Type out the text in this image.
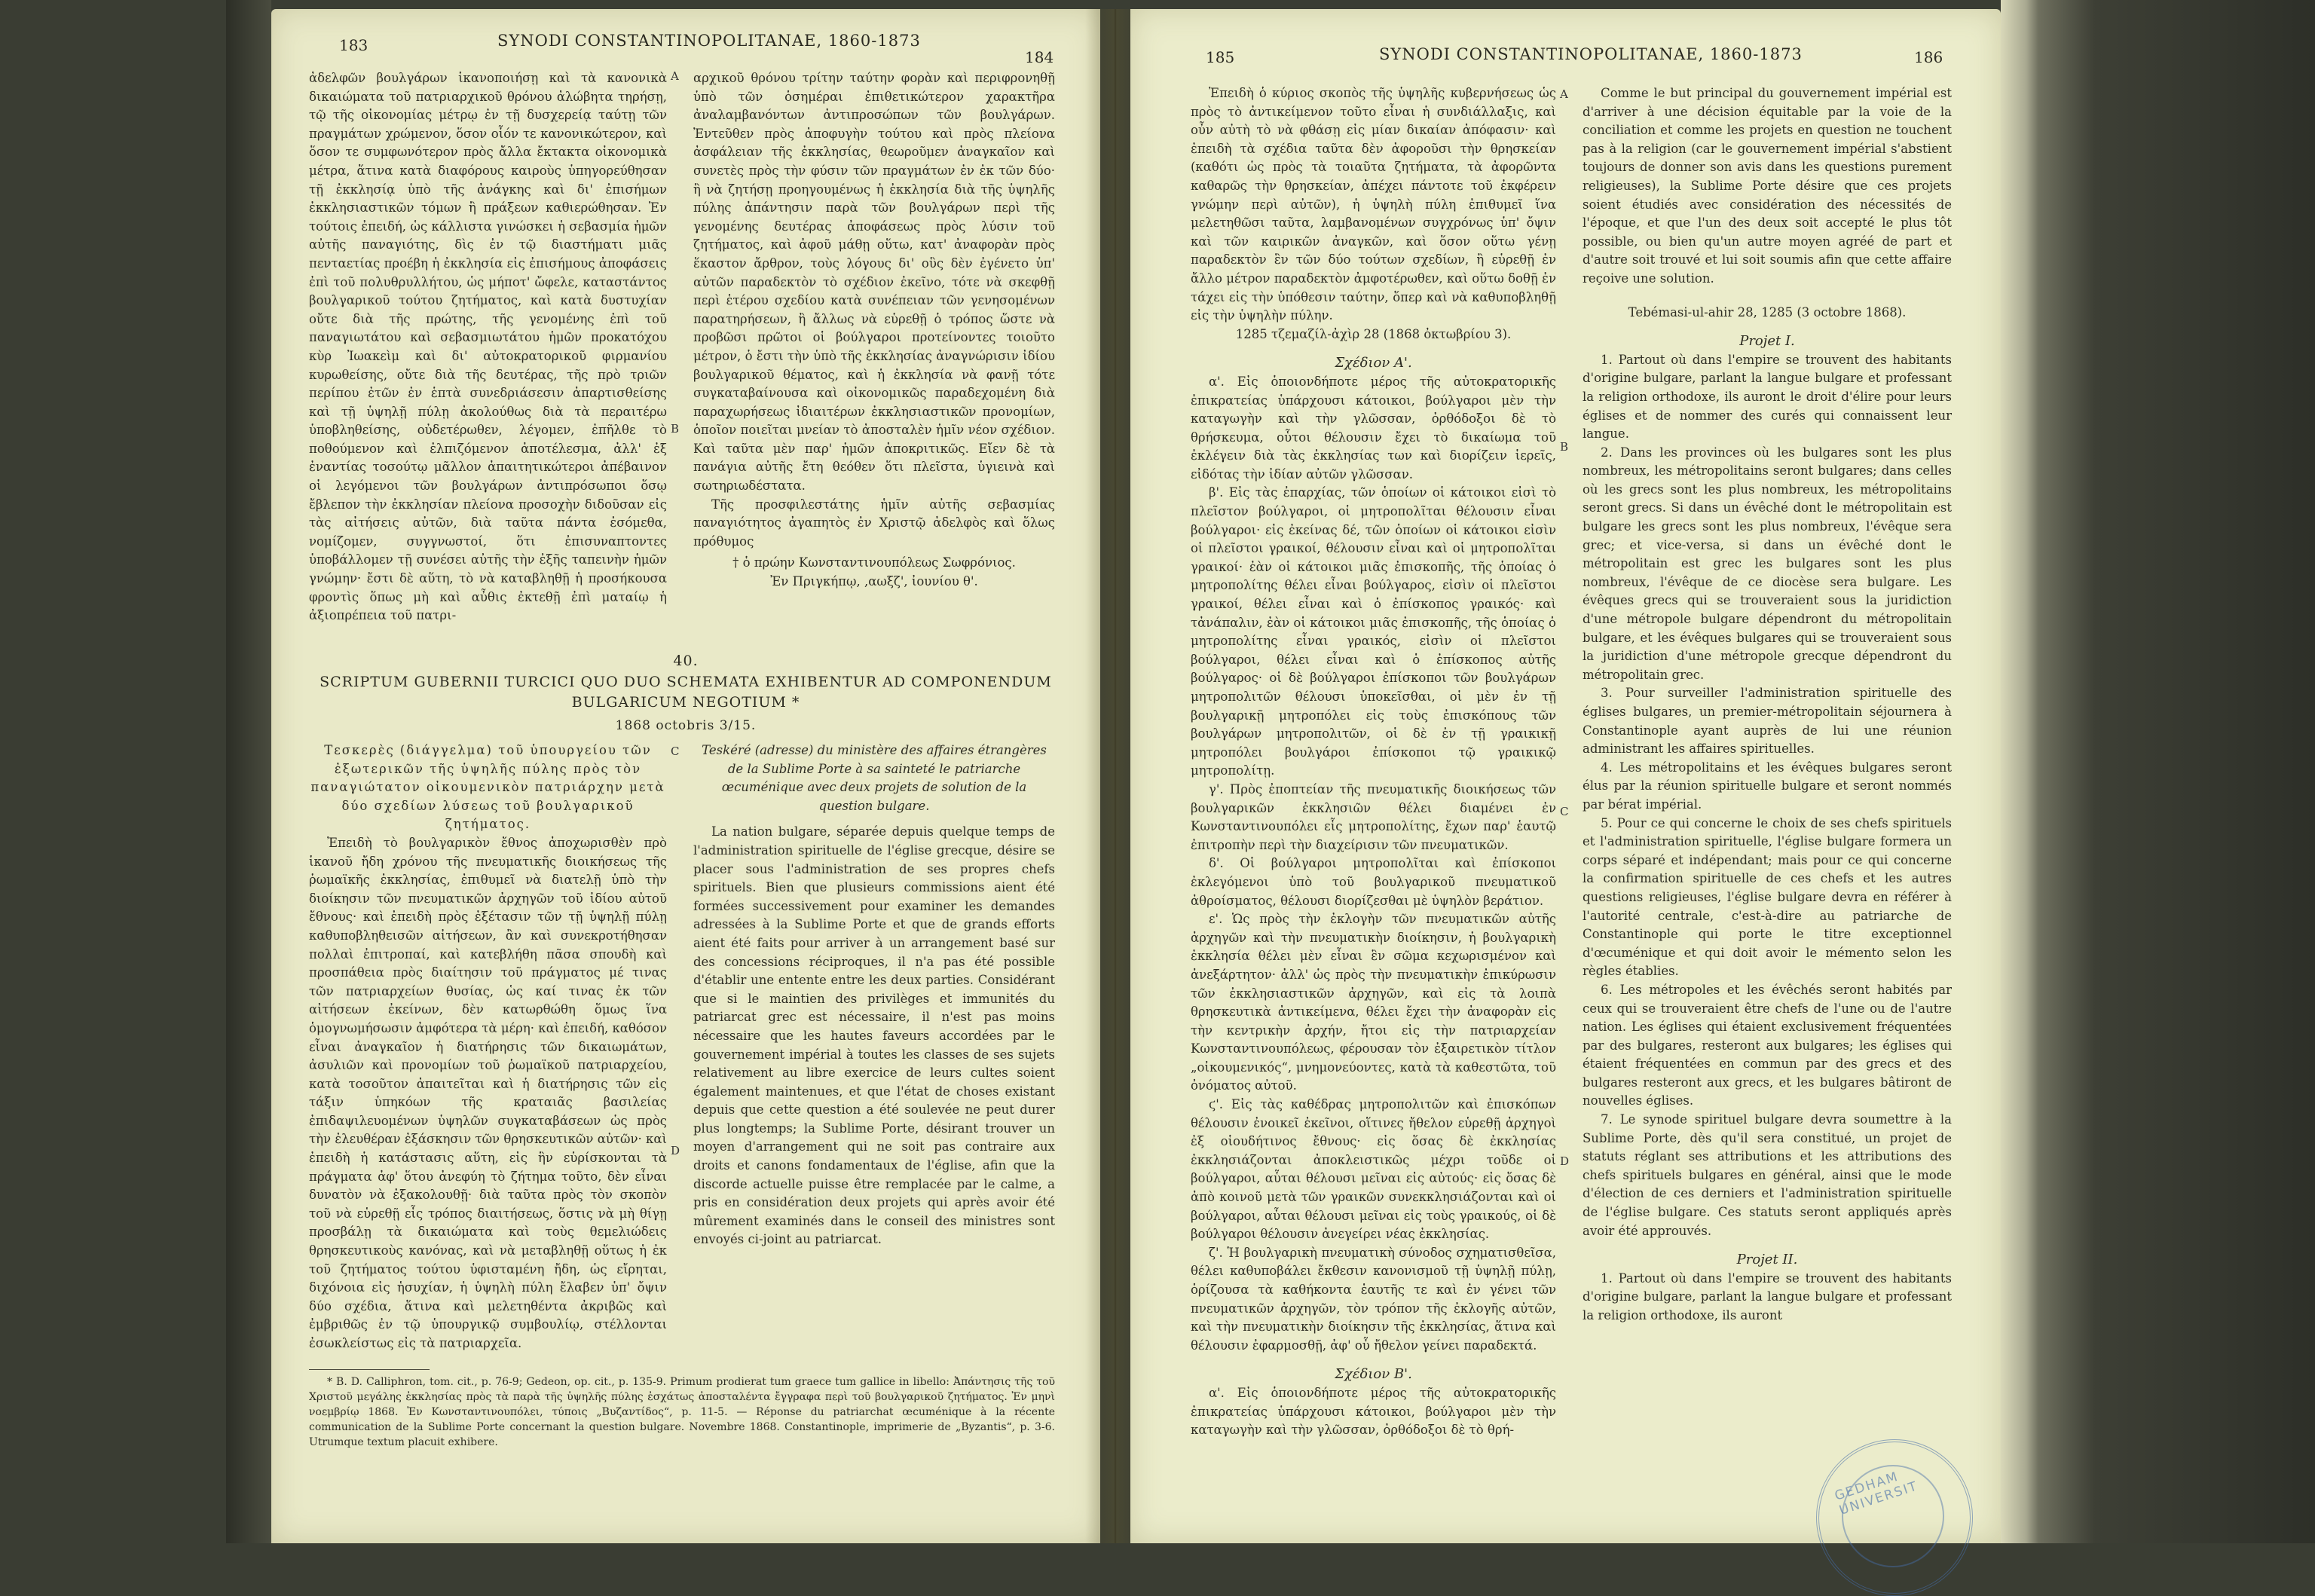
183	SYNODI CONSTANTINOPOLITANAE, 1860-1873
184

ἀδελφῶν βουλγάρων ἱκανοποιήσῃ καὶ τὰ κανονικὰ δικαιώματα τοῦ πατριαρχικοῦ θρόνου ἀλώβητα τηρήσῃ, τῷ τῆς οἰκονομίας μέτρῳ ἐν τῇ δυσχερείᾳ ταύτῃ τῶν πραγμάτων χρώμενον, ὅσον οἷόν τε κανονικώτερον, καὶ ὅσον τε συμφωνότερον πρὸς ἄλλα ἔκτακτα οἰκονομικὰ μέτρα, ἅτινα κατὰ διαφόρους καιροὺς ὑπηγορεύθησαν τῇ ἐκκλησίᾳ ὑπὸ τῆς ἀνάγκης καὶ δι' ἐπισήμων ἐκκλησιαστικῶν τόμων ἢ πράξεων καθιερώθησαν. Ἐν τούτοις ἐπειδή, ὡς κάλλιστα γινώσκει ἡ σεβασμία ἡμῶν αὐτῆς παναγιότης, δὶς ἐν τῷ διαστήματι μιᾶς πενταετίας προέβη ἡ ἐκκλησία εἰς ἐπισήμους ἀποφάσεις ἐπὶ τοῦ πολυθρυλλήτου, ὡς μήποτ' ὤφελε, καταστάντος βουλγαρικοῦ τούτου ζητήματος, καὶ κατὰ δυστυχίαν οὔτε διὰ τῆς πρώτης, τῆς γενομένης ἐπὶ τοῦ παναγιωτάτου καὶ σεβασμιωτάτου ἡμῶν προκατόχου κὺρ Ἰωακεὶμ καὶ δι' αὐτοκρατορικοῦ φιρμανίου κυρωθείσης, οὔτε διὰ τῆς δευτέρας, τῆς πρὸ τριῶν περίπου ἐτῶν ἐν ἑπτὰ συνεδριάσεσιν ἀπαρτισθείσης καὶ τῇ ὑψηλῇ πύλῃ ἀκολούθως διὰ τὰ περαιτέρω ὑποβληθείσης, οὐδετέρωθεν, λέγομεν, ἐπῆλθε τὸ ποθούμενον καὶ ἐλπιζόμενον ἀποτέλεσμα, ἀλλ' ἐξ ἐναντίας τοσούτῳ μᾶλλον ἀπαιτητικώτεροι ἀπέβαινον οἱ λεγόμενοι τῶν βουλγάρων ἀντιπρόσωποι ὅσῳ ἔβλεπον τὴν ἐκκλησίαν πλείονα προσοχὴν διδοῦσαν εἰς τὰς αἰτήσεις αὐτῶν, διὰ ταῦτα πάντα ἐσόμεθα, νομίζομεν, συγγνωστοί, ὅτι ἐπισυναπτοντες ὑποβάλλομεν τῇ συνέσει αὐτῆς τὴν ἐξῆς ταπεινὴν ἡμῶν γνώμην· ἔστι δὲ αὕτη, τὸ νὰ καταβληθῇ ἡ προσήκουσα φροντὶς ὅπως μὴ καὶ αὖθις ἐκτεθῇ ἐπὶ ματαίῳ ἡ ἀξιοπρέπεια τοῦ πατρι-

A
B

αρχικοῦ θρόνου τρίτην ταύτην φορὰν καὶ περιφρονηθῇ ὑπὸ τῶν ὁσημέραι ἐπιθετικώτερον χαρακτῆρα ἀναλαμβανόντων ἀντιπροσώπων τῶν βουλγάρων. Ἐντεῦθεν πρὸς ἀποφυγὴν τούτου καὶ πρὸς πλείονα ἀσφάλειαν τῆς ἐκκλησίας, θεωροῦμεν ἀναγκαῖον καὶ συνετὲς πρὸς τὴν φύσιν τῶν πραγμάτων ἐν ἐκ τῶν δύο· ἢ νὰ ζητήσῃ προηγουμένως ἡ ἐκκλησία διὰ τῆς ὑψηλῆς πύλης ἀπάντησιν παρὰ τῶν βουλγάρων περὶ τῆς γενομένης δευτέρας ἀποφάσεως πρὸς λύσιν τοῦ ζητήματος, καὶ ἀφοῦ μάθῃ οὕτω, κατ' ἀναφορὰν πρὸς ἕκαστον ἄρθρον, τοὺς λόγους δι' οὓς δὲν ἐγένετο ὑπ' αὐτῶν παραδεκτὸν τὸ σχέδιον ἐκεῖνο, τότε νὰ σκεφθῇ περὶ ἑτέρου σχεδίου κατὰ συνέπειαν τῶν γενησομένων παρατηρήσεων, ἢ ἄλλως νὰ εὑρεθῇ ὁ τρόπος ὥστε νὰ προβῶσι πρῶτοι οἱ βούλγαροι προτείνοντες τοιοῦτο μέτρον, ὁ ἔστι τὴν ὑπὸ τῆς ἐκκλησίας ἀναγνώρισιν ἰδίου βουλγαρικοῦ θέματος, καὶ ἡ ἐκκλησία νὰ φανῇ τότε συγκαταβαίνουσα καὶ οἰκονομικῶς παραδεχομένη διὰ παραχωρήσεως ἰδιαιτέρων ἐκκλησιαστικῶν προνομίων, ὁποῖον ποιεῖται μνείαν τὸ ἀποσταλὲν ἡμῖν νέον σχέδιον. Καὶ ταῦτα μὲν παρ' ἡμῶν ἀποκριτικῶς. Εἴεν δὲ τὰ πανάγια αὐτῆς ἔτη θεόθεν ὅτι πλεῖστα, ὑγιεινὰ καὶ σωτηριωδέστατα.

Τῆς προσφιλεστάτης ἡμῖν αὐτῆς σεβασμίας παναγιότητος ἀγαπητὸς ἐν Χριστῷ ἀδελφὸς καὶ ὅλως πρόθυμος

† ὁ πρώην Κωνσταντινουπόλεως Σωφρόνιος.

Ἐν Πριγκήπῳ, ,αωξζ', ἰουνίου θ'.

40.
SCRIPTUM GUBERNII TURCICI QUO DUO SCHEMATA EXHIBENTUR AD COMPONENDUM BULGARICUM NEGOTIUM *
1868 octobris 3/15.

Τεσκερὲς (διάγγελμα) τοῦ ὑπουργείου τῶν ἐξωτερικῶν τῆς ὑψηλῆς πύλης πρὸς τὸν παναγιώτατον οἰκουμενικὸν πατριάρχην μετὰ δύο σχεδίων λύσεως τοῦ βουλγαρικοῦ ζητήματος.

Ἐπειδὴ τὸ βουλγαρικὸν ἔθνος ἀποχωρισθὲν πρὸ ἱκανοῦ ἤδη χρόνου τῆς πνευματικῆς διοικήσεως τῆς ῥωμαϊκῆς ἐκκλησίας, ἐπιθυμεῖ νὰ διατελῇ ὑπὸ τὴν διοίκησιν τῶν πνευματικῶν ἀρχηγῶν τοῦ ἰδίου αὐτοῦ ἔθνους· καὶ ἐπειδὴ πρὸς ἐξέτασιν τῶν τῇ ὑψηλῇ πύλῃ καθυποβληθεισῶν αἰτήσεων, ἂν καὶ συνεκροτήθησαν πολλαὶ ἐπιτροπαί, καὶ κατεβλήθη πᾶσα σπουδὴ καὶ προσπάθεια πρὸς διαίτησιν τοῦ πράγματος μέ τινας τῶν πατριαρχείων θυσίας, ὡς καί τινας ἐκ τῶν αἰτήσεων ἐκείνων, δὲν κατωρθώθη ὅμως ἵνα ὁμογνωμήσωσιν ἀμφότερα τὰ μέρη· καὶ ἐπειδή, καθόσον εἶναι ἀναγκαῖον ἡ διατήρησις τῶν δικαιωμάτων, ἀσυλιῶν καὶ προνομίων τοῦ ῥωμαϊκοῦ πατριαρχείου, κατὰ τοσοῦτον ἀπαιτεῖται καὶ ἡ διατήρησις τῶν εἰς τάξιν ὑπηκόων τῆς κραταιᾶς βασιλείας ἐπιδαψιλευομένων ὑψηλῶν συγκαταβάσεων ὡς πρὸς τὴν ἐλευθέραν ἐξάσκησιν τῶν θρησκευτικῶν αὐτῶν· καὶ ἐπειδὴ ἡ κατάστασις αὕτη, εἰς ἣν εὑρίσκονται τὰ πράγματα ἀφ' ὅτου ἀνεφύη τὸ ζήτημα τοῦτο, δὲν εἶναι δυνατὸν νὰ ἐξακολουθῇ· διὰ ταῦτα πρὸς τὸν σκοπὸν τοῦ νὰ εὑρεθῇ εἷς τρόπος διαιτήσεως, ὅστις νὰ μὴ θίγῃ προσβάλῃ τὰ δικαιώματα καὶ τοὺς θεμελιώδεις θρησκευτικοὺς κανόνας, καὶ νὰ μεταβληθῇ οὕτως ἡ ἐκ τοῦ ζητήματος τούτου ὑφισταμένη ἤδη, ὡς εἴρηται, διχόνοια εἰς ἡσυχίαν, ἡ ὑψηλὴ πύλη ἔλαβεν ὑπ' ὄψιν δύο σχέδια, ἅτινα καὶ μελετηθέντα ἀκριβῶς καὶ ἐμβριθῶς ἐν τῷ ὑπουργικῷ συμβουλίῳ, στέλλονται ἐσωκλείστως εἰς τὰ πατριαρχεῖα.

C
D

Teskéré (adresse) du ministère des affaires étrangères de la Sublime Porte à sa sainteté le patriarche œcuménique avec deux projets de solution de la question bulgare.

La nation bulgare, séparée depuis quelque temps de l'administration spirituelle de l'église grecque, désire se placer sous l'administration de ses propres chefs spirituels. Bien que plusieurs commissions aient été formées successivement pour examiner les demandes adressées à la Sublime Porte et que de grands efforts aient été faits pour arriver à un arrangement basé sur des concessions réciproques, il n'a pas été possible d'établir une entente entre les deux parties. Considérant que si le maintien des privilèges et immunités du patriarcat grec est nécessaire, il n'est pas moins nécessaire que les hautes faveurs accordées par le gouvernement impérial à toutes les classes de ses sujets relativement au libre exercice de leurs cultes soient également maintenues, et que l'état de choses existant depuis que cette question a été soulevée ne peut durer plus longtemps; la Sublime Porte, désirant trouver un moyen d'arrangement qui ne soit pas contraire aux droits et canons fondamentaux de l'église, afin que la discorde actuelle puisse être remplacée par le calme, a pris en considération deux projets qui après avoir été mûrement examinés dans le conseil des ministres sont envoyés ci-joint au patriarcat.

* B. D. Calliphron, tom. cit., p. 76-9; Gedeon, op. cit., p. 135-9. Primum prodierat tum graece tum gallice in libello: Ἀπάντησις τῆς τοῦ Χριστοῦ μεγάλης ἐκκλησίας πρὸς τὰ παρὰ τῆς ὑψηλῆς πύλης ἐσχάτως ἀποσταλέντα ἔγγραφα περὶ τοῦ βουλγαρικοῦ ζητήματος. Ἐν μηνὶ νοεμβρίῳ 1868. Ἐν Κωνσταντινουπόλει, τύποις „Βυζαντίδος“, p. 11-5. — Réponse du patriarchat œcuménique à la récente communication de la Sublime Porte concernant la question bulgare. Novembre 1868. Constantinople, imprimerie de „Byzantis“, p. 3-6. Utrumque textum placuit exhibere.

185	SYNODI CONSTANTINOPOLITANAE, 1860-1873	186

Ἐπειδὴ ὁ κύριος σκοπὸς τῆς ὑψηλῆς κυβερνήσεως ὡς πρὸς τὸ ἀντικείμενον τοῦτο εἶναι ἡ συνδιάλλαξις, καὶ οὖν αὐτὴ τὸ νὰ φθάσῃ εἰς μίαν δικαίαν ἀπόφασιν· καὶ ἐπειδὴ τὰ σχέδια ταῦτα δὲν ἀφοροῦσι τὴν θρησκείαν (καθότι ὡς πρὸς τὰ τοιαῦτα ζητήματα, τὰ ἀφορῶντα καθαρῶς τὴν θρησκείαν, ἀπέχει πάντοτε τοῦ ἐκφέρειν γνώμην περὶ αὐτῶν), ἡ ὑψηλὴ πύλη ἐπιθυμεῖ ἵνα μελετηθῶσι ταῦτα, λαμβανομένων συγχρόνως ὑπ' ὄψιν καὶ τῶν καιρικῶν ἀναγκῶν, καὶ ὅσον οὕτω γένῃ παραδεκτὸν ἓν τῶν δύο τούτων σχεδίων, ἢ εὑρεθῇ ἐν ἄλλο μέτρον παραδεκτὸν ἀμφοτέρωθεν, καὶ οὕτω δοθῇ ἐν τάχει εἰς τὴν ὑπόθεσιν ταύτην, ὅπερ καὶ νὰ καθυποβληθῇ εἰς τὴν ὑψηλὴν πύλην.

1285 τζεμαζίλ-ἀχὶρ 28 (1868 ὀκτωβρίου 3).

Σχέδιον Α'.

α'. Εἰς ὁποιονδήποτε μέρος τῆς αὐτοκρατορικῆς ἐπικρατείας ὑπάρχουσι κάτοικοι, βούλγαροι μὲν τὴν καταγωγὴν καὶ τὴν γλῶσσαν, ὀρθόδοξοι δὲ τὸ θρήσκευμα, οὗτοι θέλουσιν ἔχει τὸ δικαίωμα τοῦ ἐκλέγειν διὰ τὰς ἐκκλησίας των καὶ διορίζειν ἱερεῖς, εἰδότας τὴν ἰδίαν αὐτῶν γλῶσσαν.

β'. Εἰς τὰς ἐπαρχίας, τῶν ὁποίων οἱ κάτοικοι εἰσὶ τὸ πλεῖστον βούλγαροι, οἱ μητροπολῖται θέλουσιν εἶναι βούλγαροι· εἰς ἐκείνας δέ, τῶν ὁποίων οἱ κάτοικοι εἰσὶν οἱ πλεῖστοι γραικοί, θέλουσιν εἶναι καὶ οἱ μητροπολῖται γραικοί· ἐὰν οἱ κάτοικοι μιᾶς ἐπισκοπῆς, τῆς ὁποίας ὁ μητροπολίτης θέλει εἶναι βούλγαρος, εἰσὶν οἱ πλεῖστοι γραικοί, θέλει εἶναι καὶ ὁ ἐπίσκοπος γραικός· καὶ τἀνάπαλιν, ἐὰν οἱ κάτοικοι μιᾶς ἐπισκοπῆς, τῆς ὁποίας ὁ μητροπολίτης εἶναι γραικός, εἰσὶν οἱ πλεῖστοι βούλγαροι, θέλει εἶναι καὶ ὁ ἐπίσκοπος αὐτῆς βούλγαρος· οἱ δὲ βούλγαροι ἐπίσκοποι τῶν βουλγάρων μητροπολιτῶν θέλουσι ὑποκεῖσθαι, οἱ μὲν ἐν τῇ βουλγαρικῇ μητροπόλει εἰς τοὺς ἐπισκόπους τῶν βουλγάρων μητροπολιτῶν, οἱ δὲ ἐν τῇ γραικικῇ μητροπόλει βουλγάροι ἐπίσκοποι τῷ γραικικῷ μητροπολίτῃ.

γ'. Πρὸς ἐποπτείαν τῆς πνευματικῆς διοικήσεως τῶν βουλγαρικῶν ἐκκλησιῶν θέλει διαμένει ἐν Κωνσταντινουπόλει εἷς μητροπολίτης, ἔχων παρ' ἑαυτῷ ἐπιτροπὴν περὶ τὴν διαχείρισιν τῶν πνευματικῶν.

δ'. Οἱ βούλγαροι μητροπολῖται καὶ ἐπίσκοποι ἐκλεγόμενοι ὑπὸ τοῦ βουλγαρικοῦ πνευματικοῦ ἀθροίσματος, θέλουσι διορίζεσθαι μὲ ὑψηλὸν βεράτιον.

ε'. Ὡς πρὸς τὴν ἐκλογὴν τῶν πνευματικῶν αὐτῆς ἀρχηγῶν καὶ τὴν πνευματικὴν διοίκησιν, ἡ βουλγαρικὴ ἐκκλησία θέλει μὲν εἶναι ἓν σῶμα κεχωρισμένον καὶ ἀνεξάρτητον· ἀλλ' ὡς πρὸς τὴν πνευματικὴν ἐπικύρωσιν τῶν ἐκκλησιαστικῶν ἀρχηγῶν, καὶ εἰς τὰ λοιπὰ θρησκευτικὰ ἀντικείμενα, θέλει ἔχει τὴν ἀναφορὰν εἰς τὴν κεντρικὴν ἀρχήν, ἤτοι εἰς τὴν πατριαρχείαν Κωνσταντινουπόλεως, φέρουσαν τὸν ἐξαιρετικὸν τίτλον „οἰκουμενικός“, μνημονεύοντες, κατὰ τὰ καθεστῶτα, τοῦ ὀνόματος αὐτοῦ.

ϛ'. Εἰς τὰς καθέδρας μητροπολιτῶν καὶ ἐπισκόπων θέλουσιν ἐνοικεῖ ἐκεῖνοι, οἵτινες ἤθελον εὑρεθῇ ἀρχηγοὶ ἐξ οἱουδήτινος ἔθνους· εἰς ὅσας δὲ ἐκκλησίας ἐκκλησιάζονται ἀποκλειστικῶς μέχρι τοῦδε οἱ βούλγαροι, αὗται θέλουσι μεῖναι εἰς αὐτούς· εἰς ὅσας δὲ ἀπὸ κοινοῦ μετὰ τῶν γραικῶν συνεκκλησιάζονται καὶ οἱ βούλγαροι, αὗται θέλουσι μεῖναι εἰς τοὺς γραικούς, οἱ δὲ βούλγαροι θέλουσιν ἀνεγείρει νέας ἐκκλησίας.

ζ'. Ἡ βουλγαρικὴ πνευματικὴ σύνοδος σχηματισθεῖσα, θέλει καθυποβάλει ἔκθεσιν κανονισμοῦ τῇ ὑψηλῇ πύλῃ, ὁρίζουσα τὰ καθήκοντα ἑαυτῆς τε καὶ ἐν γένει τῶν πνευματικῶν ἀρχηγῶν, τὸν τρόπον τῆς ἐκλογῆς αὐτῶν, καὶ τὴν πνευματικὴν διοίκησιν τῆς ἐκκλησίας, ἅτινα καὶ θέλουσιν ἐφαρμοσθῇ, ἀφ' οὗ ἤθελον γείνει παραδεκτά.

Σχέδιον Β'.

α'. Εἰς ὁποιονδήποτε μέρος τῆς αὐτοκρατορικῆς ἐπικρατείας ὑπάρχουσι κάτοικοι, βούλγαροι μὲν τὴν καταγωγὴν καὶ τὴν γλῶσσαν, ὀρθόδοξοι δὲ τὸ θρή-

A
B
C
D

Comme le but principal du gouvernement impérial est d'arriver à une décision équitable par la voie de la conciliation et comme les projets en question ne touchent pas à la religion (car le gouvernement impérial s'abstient toujours de donner son avis dans les questions purement religieuses), la Sublime Porte désire que ces projets soient étudiés avec considération des nécessités de l'époque, et que l'un des deux soit accepté le plus tôt possible, ou bien qu'un autre moyen agréé de part et d'autre soit trouvé et lui soit soumis afin que cette affaire reçoive une solution.

Tebémasi-ul-ahir 28, 1285 (3 octobre 1868).

Projet I.

1. Partout où dans l'empire se trouvent des habitants d'origine bulgare, parlant la langue bulgare et professant la religion orthodoxe, ils auront le droit d'élire pour leurs églises et de nommer des curés qui connaissent leur langue.

2. Dans les provinces où les bulgares sont les plus nombreux, les métropolitains seront bulgares; dans celles où les grecs sont les plus nombreux, les métropolitains seront grecs. Si dans un évêché dont le métropolitain est bulgare les grecs sont les plus nombreux, l'évêque sera grec; et vice-versa, si dans un évêché dont le métropolitain est grec les bulgares sont les plus nombreux, l'évêque de ce diocèse sera bulgare. Les évêques grecs qui se trouveraient sous la juridiction d'une métropole bulgare dépendront du métropolitain bulgare, et les évêques bulgares qui se trouveraient sous la juridiction d'une métropole grecque dépendront du métropolitain grec.

3. Pour surveiller l'administration spirituelle des églises bulgares, un premier-métropolitain séjournera à Constantinople ayant auprès de lui une réunion administrant les affaires spirituelles.

4. Les métropolitains et les évêques bulgares seront élus par la réunion spirituelle bulgare et seront nommés par bérat impérial.

5. Pour ce qui concerne le choix de ses chefs spirituels et l'administration spirituelle, l'église bulgare formera un corps séparé et indépendant; mais pour ce qui concerne la confirmation spirituelle de ces chefs et les autres questions religieuses, l'église bulgare devra en référer à l'autorité centrale, c'est-à-dire au patriarche de Constantinople qui porte le titre exceptionnel d'œcuménique et qui doit avoir le mémento selon les règles établies.

6. Les métropoles et les évêchés seront habités par ceux qui se trouveraient être chefs de l'une ou de l'autre nation. Les églises qui étaient exclusivement fréquentées par des bulgares, resteront aux bulgares; les églises qui étaient fréquentées en commun par des grecs et des bulgares resteront aux grecs, et les bulgares bâtiront de nouvelles églises.

7. Le synode spirituel bulgare devra soumettre à la Sublime Porte, dès qu'il sera constitué, un projet de statuts réglant ses attributions et les attributions des chefs spirituels bulgares en général, ainsi que le mode d'élection de ces derniers et l'administration spirituelle de l'église bulgare. Ces statuts seront appliqués après avoir été approuvés.

Projet II.

1. Partout où dans l'empire se trouvent des habitants d'origine bulgare, parlant la langue bulgare et professant la religion orthodoxe, ils auront

GEDHAM UNIVERSIT
